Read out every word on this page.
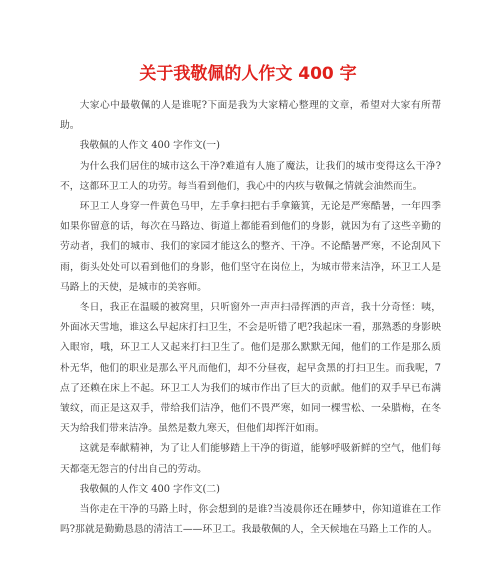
关于我敬佩的人作文 400 字

大家心中最敬佩的人是谁呢?下面是我为大家精心整理的文章，希望对大家有所帮助。

我敬佩的人作文 400 字作文(一)

为什么我们居住的城市这么干净?难道有人施了魔法，让我们的城市变得这么干净?不，这都环卫工人的功劳。每当看到他们，我心中的内疚与敬佩之情就会油然而生。

环卫工人身穿一件黄色马甲，左手拿扫把右手拿簸箕，无论是严寒酷暑，一年四季如果你留意的话，每次在马路边、街道上都能看到他们的身影，就因为有了这些辛勤的劳动者，我们的城市、我们的家园才能这么的整齐、干净。不论酷暑严寒，不论刮风下雨，街头处处可以看到他们的身影，他们坚守在岗位上，为城市带来洁净，环卫工人是马路上的天使，是城市的美容师。

冬日，我正在温暖的被窝里，只听窗外一声声扫帚挥洒的声音，我十分奇怪：咦，外面冰天雪地，谁这么早起床打扫卫生，不会是听错了吧?我起床一看，那熟悉的身影映入眼帘，哦，环卫工人又起来打扫卫生了。他们是那么默默无闻，他们的工作是那么质朴无华，他们的职业是那么平凡而他们，却不分昼夜，起早贪黑的打扫卫生。而我呢，7 点了还赖在床上不起。环卫工人为我们的城市作出了巨大的贡献。他们的双手早已布满皱纹，而正是这双手，带给我们洁净，他们不畏严寒，如同一棵雪松、一朵腊梅，在冬天为给我们带来洁净。虽然是数九寒天，但他们却挥汗如雨。

这就是奉献精神，为了让人们能够踏上干净的街道，能够呼吸新鲜的空气，他们每天都毫无怨言的付出自己的劳动。

我敬佩的人作文 400 字作文(二)

当你走在干净的马路上时，你会想到的是谁?当凌晨你还在睡梦中，你知道谁在工作吗?那就是勤勤恳恳的清洁工——环卫工。我最敬佩的人，全天候地在马路上工作的人。
